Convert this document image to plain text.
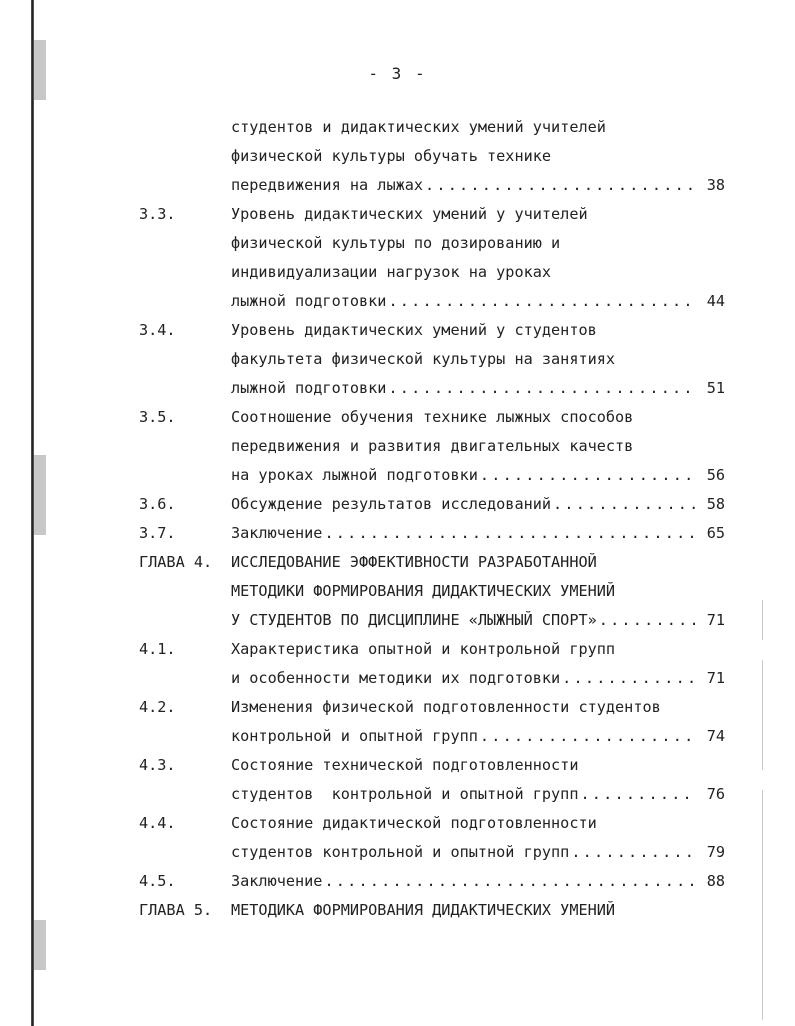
- 3 -
студентов и дидактических умений учителей
физической культуры обучать технике
передвижения на лыжах .....	38
3.3.	Уровень дидактических умений у учителей
физической культуры по дозированию и
индивидуализации нагрузок на уроках
лыжной подготовки .....	44
3.4.	Уровень дидактических умений у студентов
факультета физической культуры на занятиях
лыжной подготовки .....	51
3.5.	Соотношение обучения технике лыжных способов
передвижения и развития двигательных качеств
на уроках лыжной подготовки .....	56
3.6.	Обсуждение результатов исследований .....	58
3.7.	Заключение .....	65
ГЛАВА 4. ИССЛЕДОВАНИЕ ЭФФЕКТИВНОСТИ РАЗРАБОТАННОЙ
МЕТОДИКИ ФОРМИРОВАНИЯ ДИДАКТИЧЕСКИХ УМЕНИЙ
У СТУДЕНТОВ ПО ДИСЦИПЛИНЕ «ЛЫЖНЫЙ СПОРТ» .....	71
4.1.	Характеристика опытной и контрольной групп
и особенности методики их подготовки .....	71
4.2.	Изменения физической подготовленности студентов
контрольной и опытной групп .....	74
4.3.	Состояние технической подготовленности
студентов  контрольной и опытной групп .....	76
4.4.	Состояние дидактической подготовленности
студентов контрольной и опытной групп .....	79
4.5.	Заключение .....	88
ГЛАВА 5. МЕТОДИКА ФОРМИРОВАНИЯ ДИДАКТИЧЕСКИХ УМЕНИЙ
